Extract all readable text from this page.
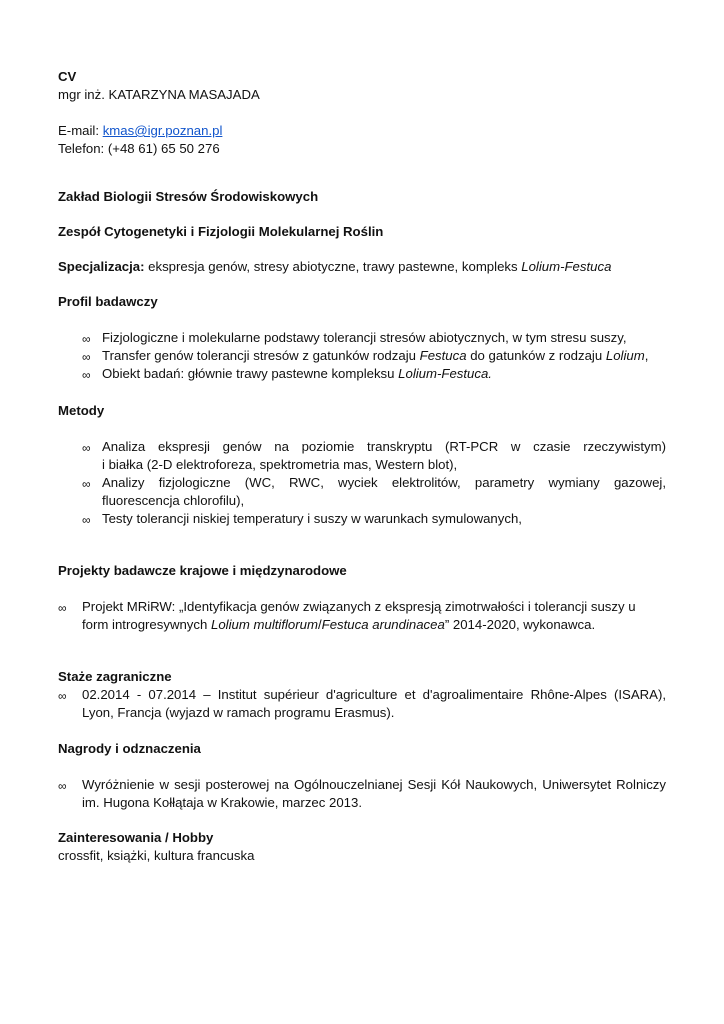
CV
mgr inż. KATARZYNA MASAJADA
E-mail: kmas@igr.poznan.pl
Telefon: (+48 61) 65 50 276
Zakład Biologii Stresów Środowiskowych
Zespół Cytogenetyki i Fizjologii Molekularnej Roślin
Specjalizacja: ekspresja genów, stresy abiotyczne, trawy pastewne, kompleks Lolium-Festuca
Profil badawczy
∞ Fizjologiczne i molekularne podstawy tolerancji stresów abiotycznych, w tym stresu suszy,
∞ Transfer genów tolerancji stresów z gatunków rodzaju Festuca do gatunków z rodzaju Lolium,
∞ Obiekt badań: głównie trawy pastewne kompleksu Lolium-Festuca.
Metody
∞ Analiza ekspresji genów na poziomie transkryptu (RT-PCR w czasie rzeczywistym)
i białka (2-D elektroforeza, spektrometria mas, Western blot),
∞ Analizy fizjologiczne (WC, RWC, wyciek elektrolitów, parametry wymiany gazowej,
fluorescencja chlorofilu),
∞ Testy tolerancji niskiej temperatury i suszy w warunkach symulowanych,
Projekty badawcze krajowe i międzynarodowe
∞ Projekt MRiRW: „Identyfikacja genów związanych z ekspresją zimotrwałości i tolerancji suszy u
form introgresywnych Lolium multiflorum/Festuca arundinacea” 2014-2020, wykonawca.
Staże zagraniczne
∞ 02.2014 - 07.2014 – Institut supérieur d'agriculture et d'agroalimentaire Rhône-Alpes (ISARA),
Lyon, Francja (wyjazd w ramach programu Erasmus).
Nagrody i odznaczenia
∞ Wyróżnienie w sesji posterowej na Ogólnouczelnianej Sesji Kół Naukowych, Uniwersytet Rolniczy
im. Hugona Kołłątaja w Krakowie, marzec 2013.
Zainteresowania / Hobby
crossfit, książki, kultura francuska
